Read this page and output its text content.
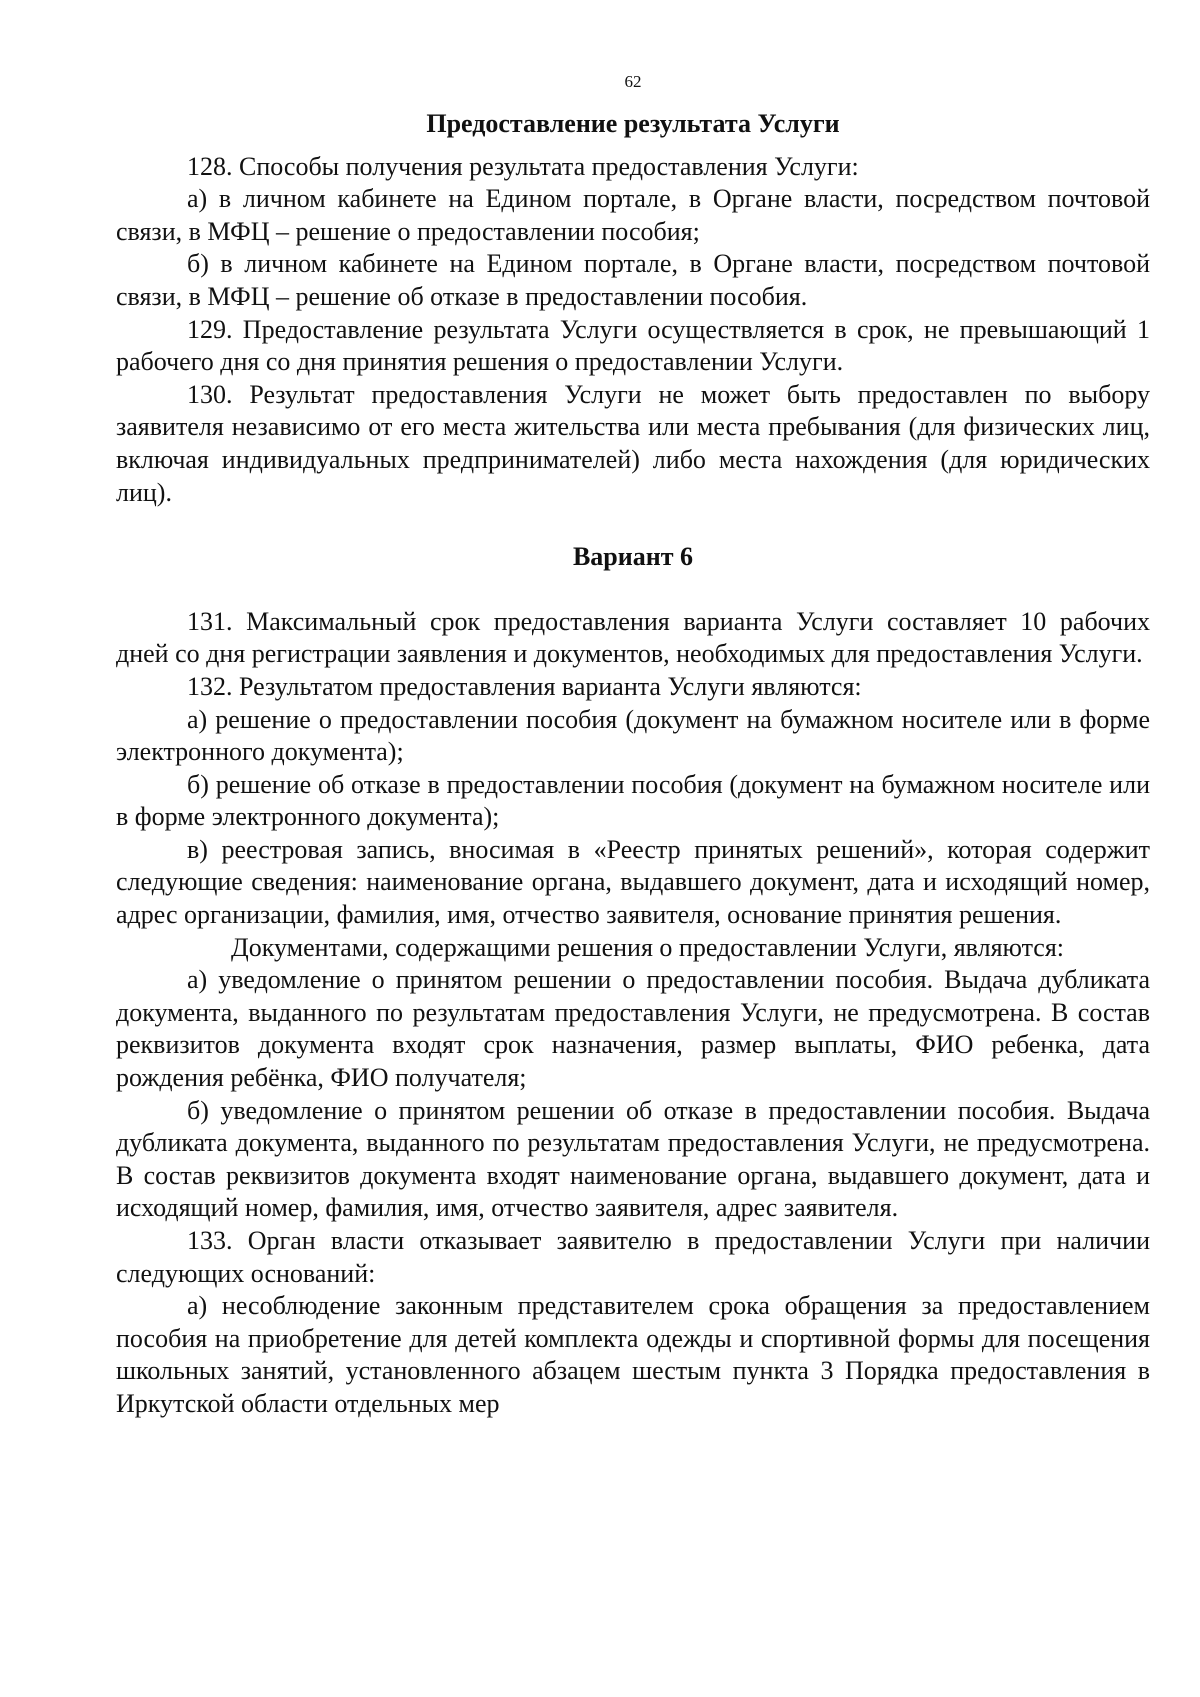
62
Предоставление результата Услуги

128. Способы получения результата предоставления Услуги:

а) в личном кабинете на Едином портале, в Органе власти, посредством почтовой связи, в МФЦ – решение о предоставлении пособия;

б) в личном кабинете на Едином портале, в Органе власти, посредством почтовой связи, в МФЦ – решение об отказе в предоставлении пособия.

129. Предоставление результата Услуги осуществляется в срок, не превышающий 1 рабочего дня со дня принятия решения о предоставлении Услуги.

130. Результат предоставления Услуги не может быть предоставлен по выбору заявителя независимо от его места жительства или места пребывания (для физических лиц, включая индивидуальных предпринимателей) либо места нахождения (для юридических лиц).

Вариант 6

131. Максимальный срок предоставления варианта Услуги составляет 10 рабочих дней со дня регистрации заявления и документов, необходимых для предоставления Услуги.

132. Результатом предоставления варианта Услуги являются:

а) решение о предоставлении пособия (документ на бумажном носителе или в форме электронного документа);

б) решение об отказе в предоставлении пособия (документ на бумажном носителе или в форме электронного документа);

в) реестровая запись, вносимая в «Реестр принятых решений», которая содержит следующие сведения: наименование органа, выдавшего документ, дата и исходящий номер, адрес организации, фамилия, имя, отчество заявителя, основание принятия решения.

Документами, содержащими решения о предоставлении Услуги, являются:

а) уведомление о принятом решении о предоставлении пособия. Выдача дубликата документа, выданного по результатам предоставления Услуги, не предусмотрена. В состав реквизитов документа входят срок назначения, размер выплаты, ФИО ребенка, дата рождения ребёнка, ФИО получателя;

б) уведомление о принятом решении об отказе в предоставлении пособия. Выдача дубликата документа, выданного по результатам предоставления Услуги, не предусмотрена. В состав реквизитов документа входят наименование органа, выдавшего документ, дата и исходящий номер, фамилия, имя, отчество заявителя, адрес заявителя.

133. Орган власти отказывает заявителю в предоставлении Услуги при наличии следующих оснований:

а) несоблюдение законным представителем срока обращения за предоставлением пособия на приобретение для детей комплекта одежды и спортивной формы для посещения школьных занятий, установленного абзацем шестым пункта 3 Порядка предоставления в Иркутской области отдельных мер
